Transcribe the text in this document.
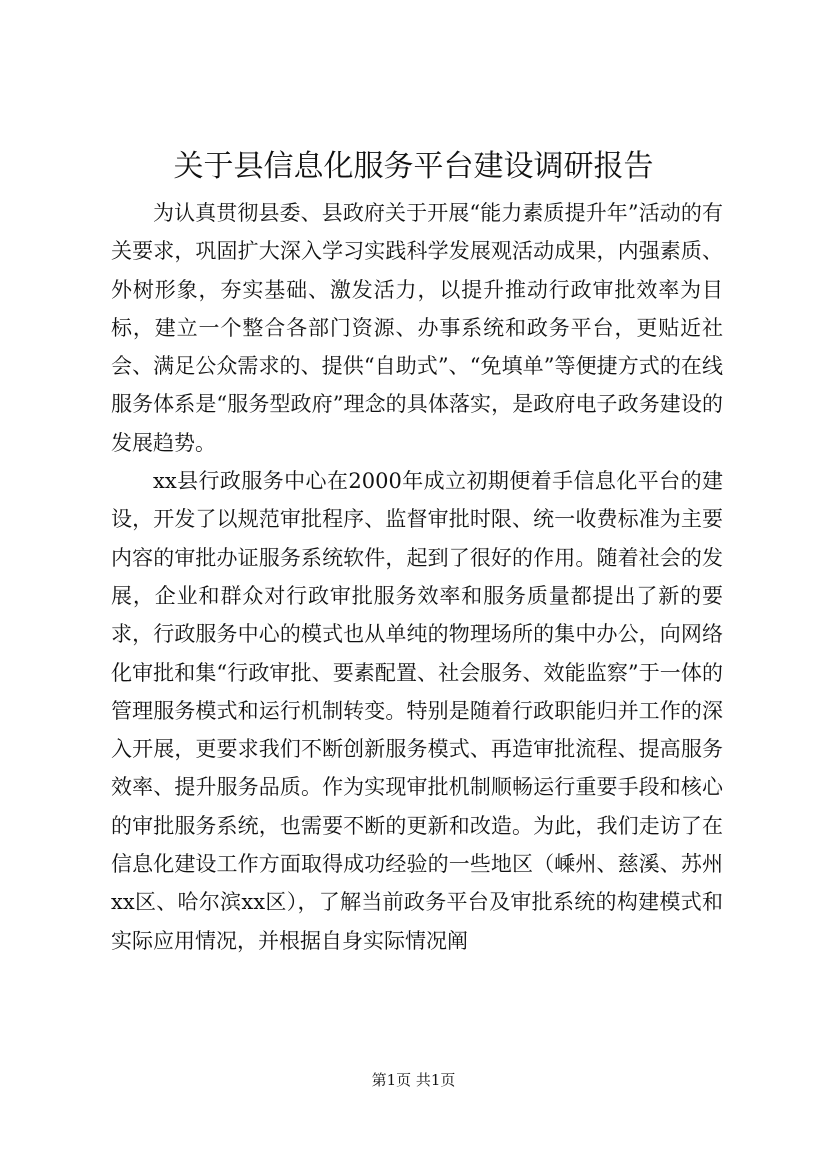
关于县信息化服务平台建设调研报告

为认真贯彻县委、县政府关于开展“能力素质提升年”活动的有关要求，巩固扩大深入学习实践科学发展观活动成果，内强素质、外树形象，夯实基础、激发活力，以提升推动行政审批效率为目标，建立一个整合各部门资源、办事系统和政务平台，更贴近社会、满足公众需求的、提供“自助式”、“免填单”等便捷方式的在线服务体系是“服务型政府”理念的具体落实，是政府电子政务建设的发展趋势。

xx县行政服务中心在2000年成立初期便着手信息化平台的建设，开发了以规范审批程序、监督审批时限、统一收费标准为主要内容的审批办证服务系统软件，起到了很好的作用。随着社会的发展，企业和群众对行政审批服务效率和服务质量都提出了新的要求，行政服务中心的模式也从单纯的物理场所的集中办公，向网络化审批和集“行政审批、要素配置、社会服务、效能监察”于一体的管理服务模式和运行机制转变。特别是随着行政职能归并工作的深入开展，更要求我们不断创新服务模式、再造审批流程、提高服务效率、提升服务品质。作为实现审批机制顺畅运行重要手段和核心的审批服务系统，也需要不断的更新和改造。为此，我们走访了在信息化建设工作方面取得成功经验的一些地区（嵊州、慈溪、苏州xx区、哈尔滨xx区），了解当前政务平台及审批系统的构建模式和实际应用情况，并根据自身实际情况阐

第1页 共1页
